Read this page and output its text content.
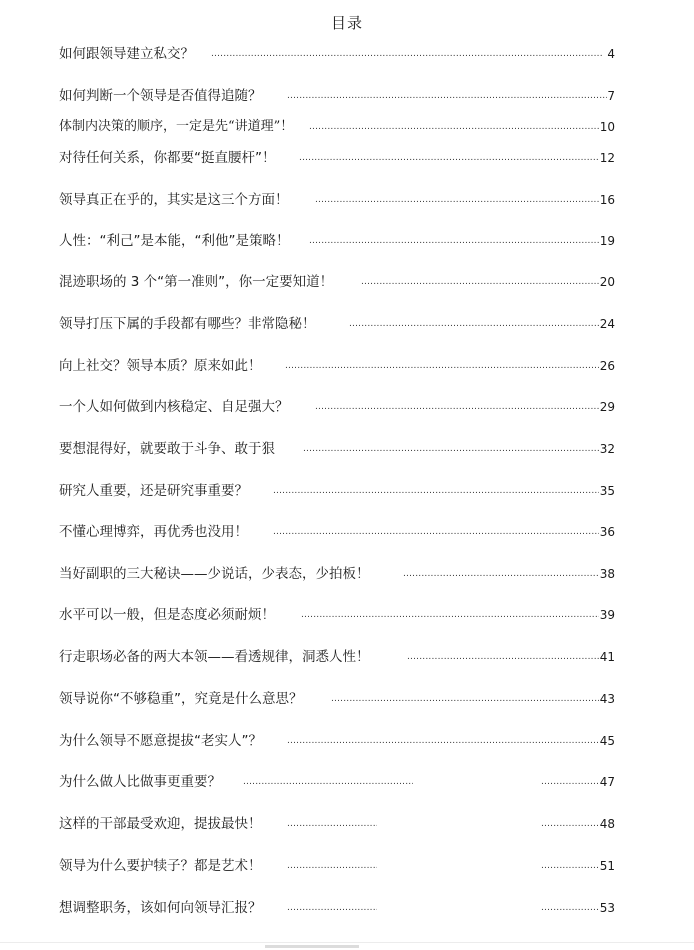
目录
如何跟领导建立私交？ .....	4
如何判断一个领导是否值得追随？ .....	7
体制内决策的顺序，一定是先“讲道理”！ .....	10
对待任何关系，你都要“挺直腰杆”！ .....	12
领导真正在乎的，其实是这三个方面！ .....	16
人性：“利己”是本能，“利他”是策略！ .....	19
混迹职场的 3 个“第一准则”，你一定要知道！ .....	20
领导打压下属的手段都有哪些？非常隐秘！ .....	24
向上社交？领导本质？原来如此！ .....	26
一个人如何做到内核稳定、自足强大？ .....	29
要想混得好，就要敢于斗争、敢于狠 .....	32
研究人重要，还是研究事重要？ .....	35
不懂心理博弈，再优秀也没用！ .....	36
当好副职的三大秘诀——少说话，少表态，少拍板！ .....	38
水平可以一般，但是态度必须耐烦！ .....	39
行走职场必备的两大本领——看透规律，洞悉人性！ .....	41
领导说你“不够稳重”，究竟是什么意思？ .....	43
为什么领导不愿意提拔“老实人”？ .....	45
为什么做人比做事更重要？ ..... .....	47
这样的干部最受欢迎，提拔最快！ ..... .....	48
领导为什么要护犊子？都是艺术！ ..... .....	51
想调整职务，该如何向领导汇报？ ..... .....	53
